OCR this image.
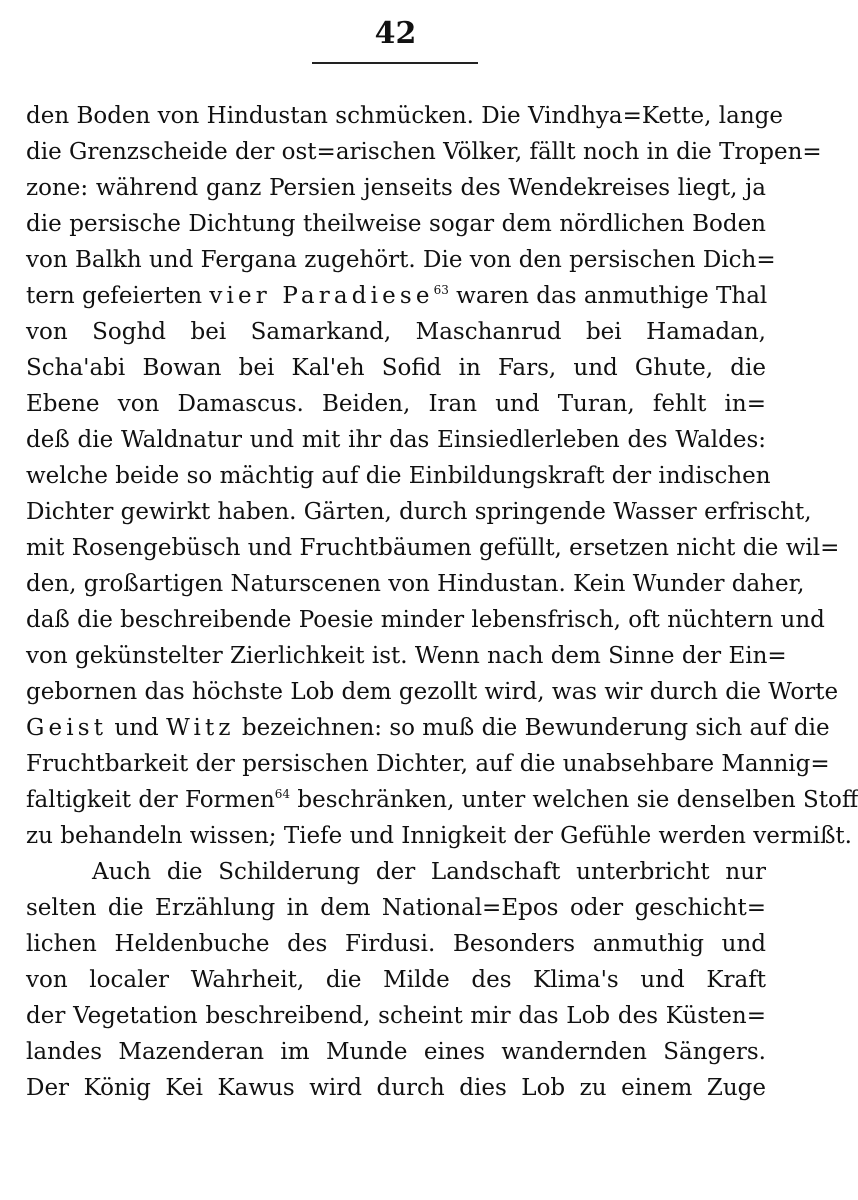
42
den Boden von Hindustan schmücken. Die Vindhya=Kette, lange
die Grenzscheide der ost=arischen Völker, fällt noch in die Tropen=
zone: während ganz Persien jenseits des Wendekreises liegt, ja
die persische Dichtung theilweise sogar dem nördlichen Boden
von Balkh und Fergana zugehört. Die von den persischen Dich=
tern gefeierten vier Paradiese$^{63}$ waren das anmuthige Thal
von Soghd bei Samarkand, Maschanrud bei Hamadan,
Scha'abi Bowan bei Kal'eh Sofid in Fars, und Ghute, die
Ebene von Damascus. Beiden, Iran und Turan, fehlt in=
deß die Waldnatur und mit ihr das Einsiedlerleben des Waldes:
welche beide so mächtig auf die Einbildungskraft der indischen
Dichter gewirkt haben. Gärten, durch springende Wasser erfrischt,
mit Rosengebüsch und Fruchtbäumen gefüllt, ersetzen nicht die wil=
den, großartigen Naturscenen von Hindustan. Kein Wunder daher,
daß die beschreibende Poesie minder lebensfrisch, oft nüchtern und
von gekünstelter Zierlichkeit ist. Wenn nach dem Sinne der Ein=
gebornen das höchste Lob dem gezollt wird, was wir durch die Worte
Geist und Witz bezeichnen: so muß die Bewunderung sich auf die
Fruchtbarkeit der persischen Dichter, auf die unabsehbare Mannig=
faltigkeit der Formen$^{64}$ beschränken, unter welchen sie denselben Stoff
zu behandeln wissen; Tiefe und Innigkeit der Gefühle werden vermißt.
Auch die Schilderung der Landschaft unterbricht nur
selten die Erzählung in dem National=Epos oder geschicht=
lichen Heldenbuche des Firdusi. Besonders anmuthig und
von localer Wahrheit, die Milde des Klima's und Kraft
der Vegetation beschreibend, scheint mir das Lob des Küsten=
landes Mazenderan im Munde eines wandernden Sängers.
Der König Kei Kawus wird durch dies Lob zu einem Zuge
